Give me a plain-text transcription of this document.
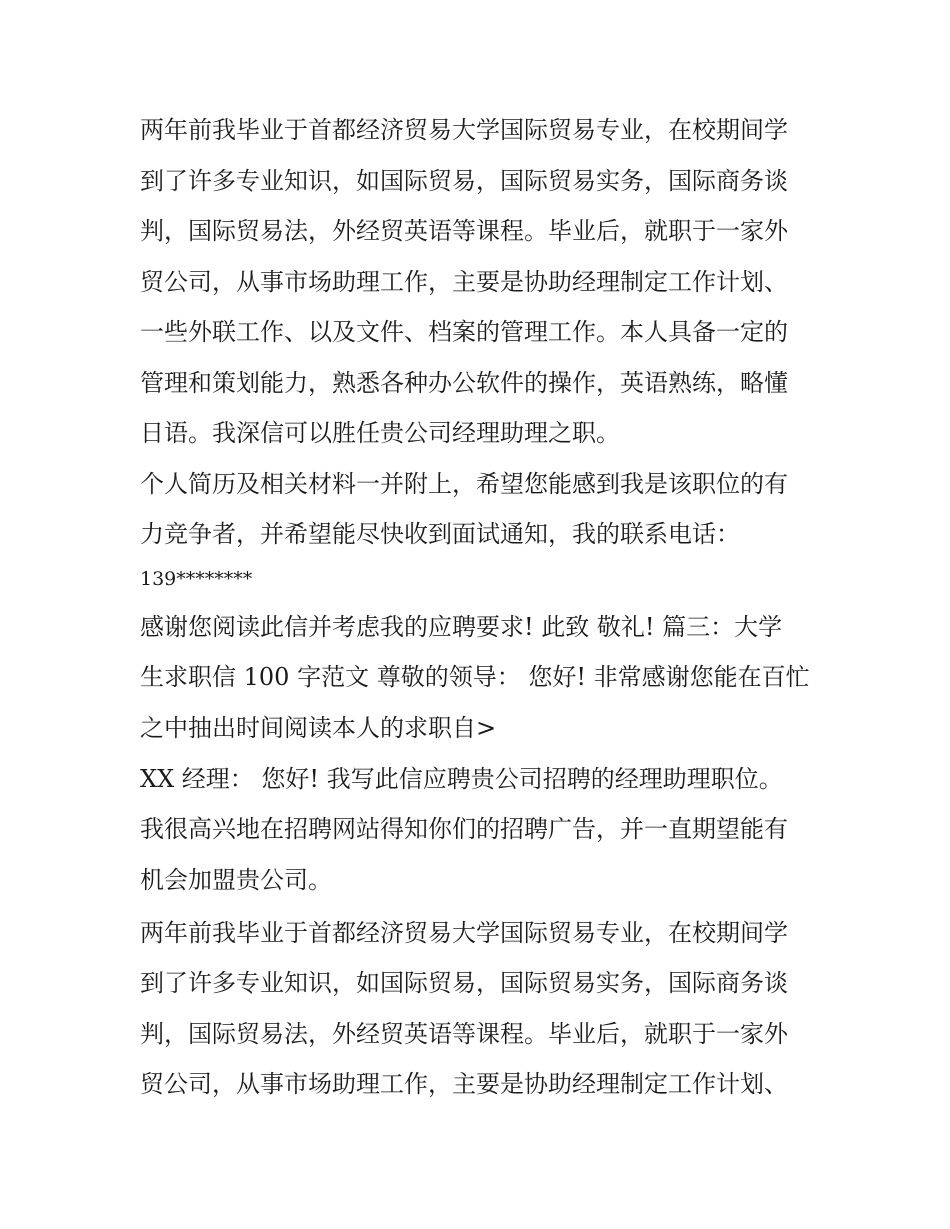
两年前我毕业于首都经济贸易大学国际贸易专业，在校期间学
到了许多专业知识，如国际贸易，国际贸易实务，国际商务谈
判，国际贸易法，外经贸英语等课程。毕业后，就职于一家外
贸公司，从事市场助理工作，主要是协助经理制定工作计划、
一些外联工作、以及文件、档案的管理工作。本人具备一定的
管理和策划能力，熟悉各种办公软件的操作，英语熟练，略懂
日语。我深信可以胜任贵公司经理助理之职。
个人简历及相关材料一并附上，希望您能感到我是该职位的有
力竞争者，并希望能尽快收到面试通知，我的联系电话：
139********
感谢您阅读此信并考虑我的应聘要求! 此致 敬礼! 篇三：大学
生求职信 100 字范文 尊敬的领导： 您好! 非常感谢您能在百忙
之中抽出时间阅读本人的求职自>
XX 经理： 您好! 我写此信应聘贵公司招聘的经理助理职位。
我很高兴地在招聘网站得知你们的招聘广告，并一直期望能有
机会加盟贵公司。
两年前我毕业于首都经济贸易大学国际贸易专业，在校期间学
到了许多专业知识，如国际贸易，国际贸易实务，国际商务谈
判，国际贸易法，外经贸英语等课程。毕业后，就职于一家外
贸公司，从事市场助理工作，主要是协助经理制定工作计划、
